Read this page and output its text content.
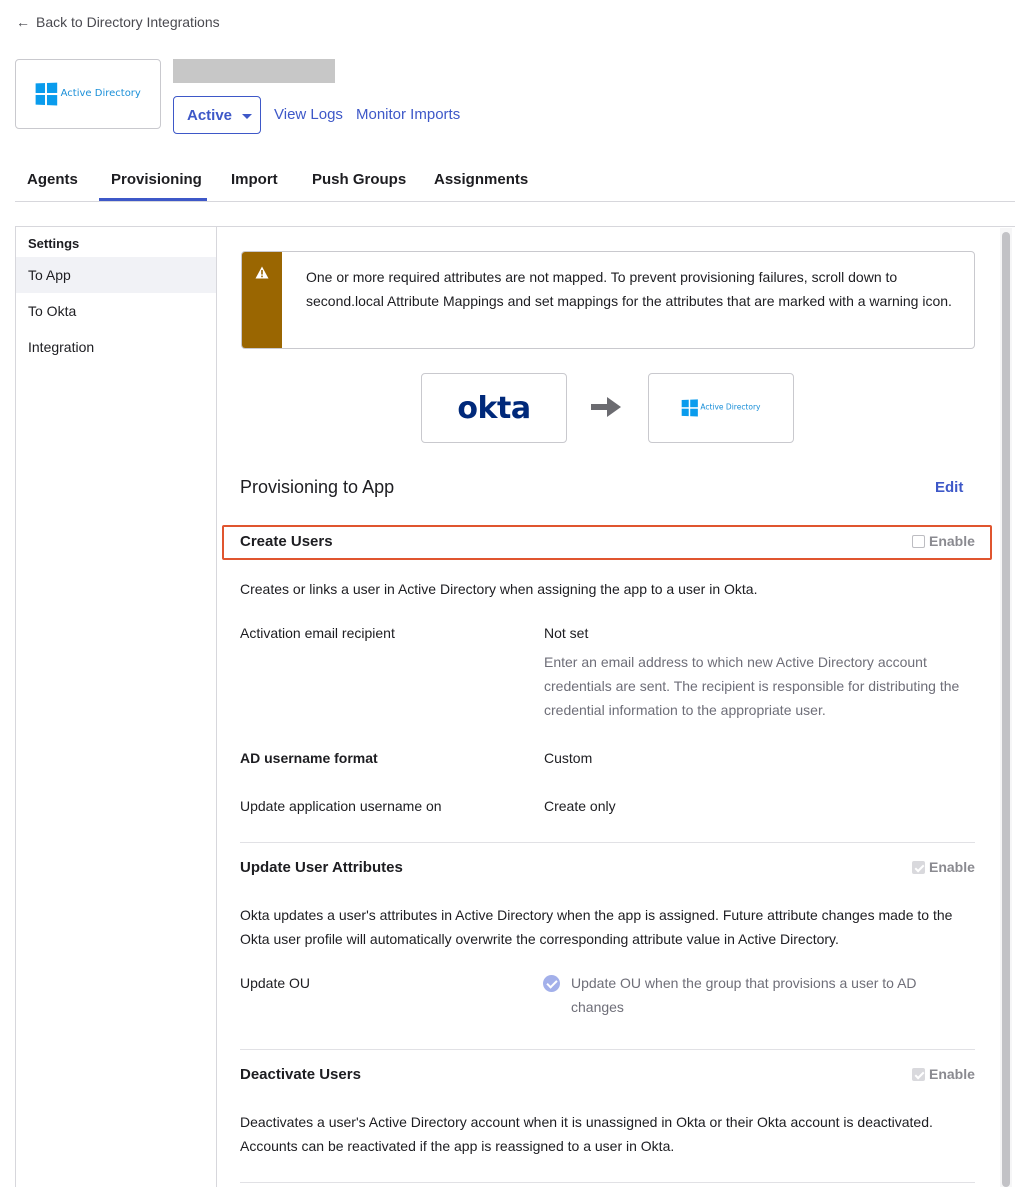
← Back to Directory Integrations
Active Directory
Active	View Logs Monitor Imports
Agents Provisioning Import Push Groups Assignments
Settings
To App
To Okta
Integration
One or more required attributes are not mapped. To prevent provisioning failures, scroll down to second.local Attribute Mappings and set mappings for the attributes that are marked with a warning icon.
okta	Active Directory
Provisioning to App	Edit
Create Users	Enable
Creates or links a user in Active Directory when assigning the app to a user in Okta.
Activation email recipient	Not set
Enter an email address to which new Active Directory account credentials are sent. The recipient is responsible for distributing the credential information to the appropriate user.
AD username format	Custom
Update application username on	Create only
Update User Attributes	Enable
Okta updates a user's attributes in Active Directory when the app is assigned. Future attribute changes made to the Okta user profile will automatically overwrite the corresponding attribute value in Active Directory.
Update OU	Update OU when the group that provisions a user to AD changes
Deactivate Users	Enable
Deactivates a user's Active Directory account when it is unassigned in Okta or their Okta account is deactivated. Accounts can be reactivated if the app is reassigned to a user in Okta.
